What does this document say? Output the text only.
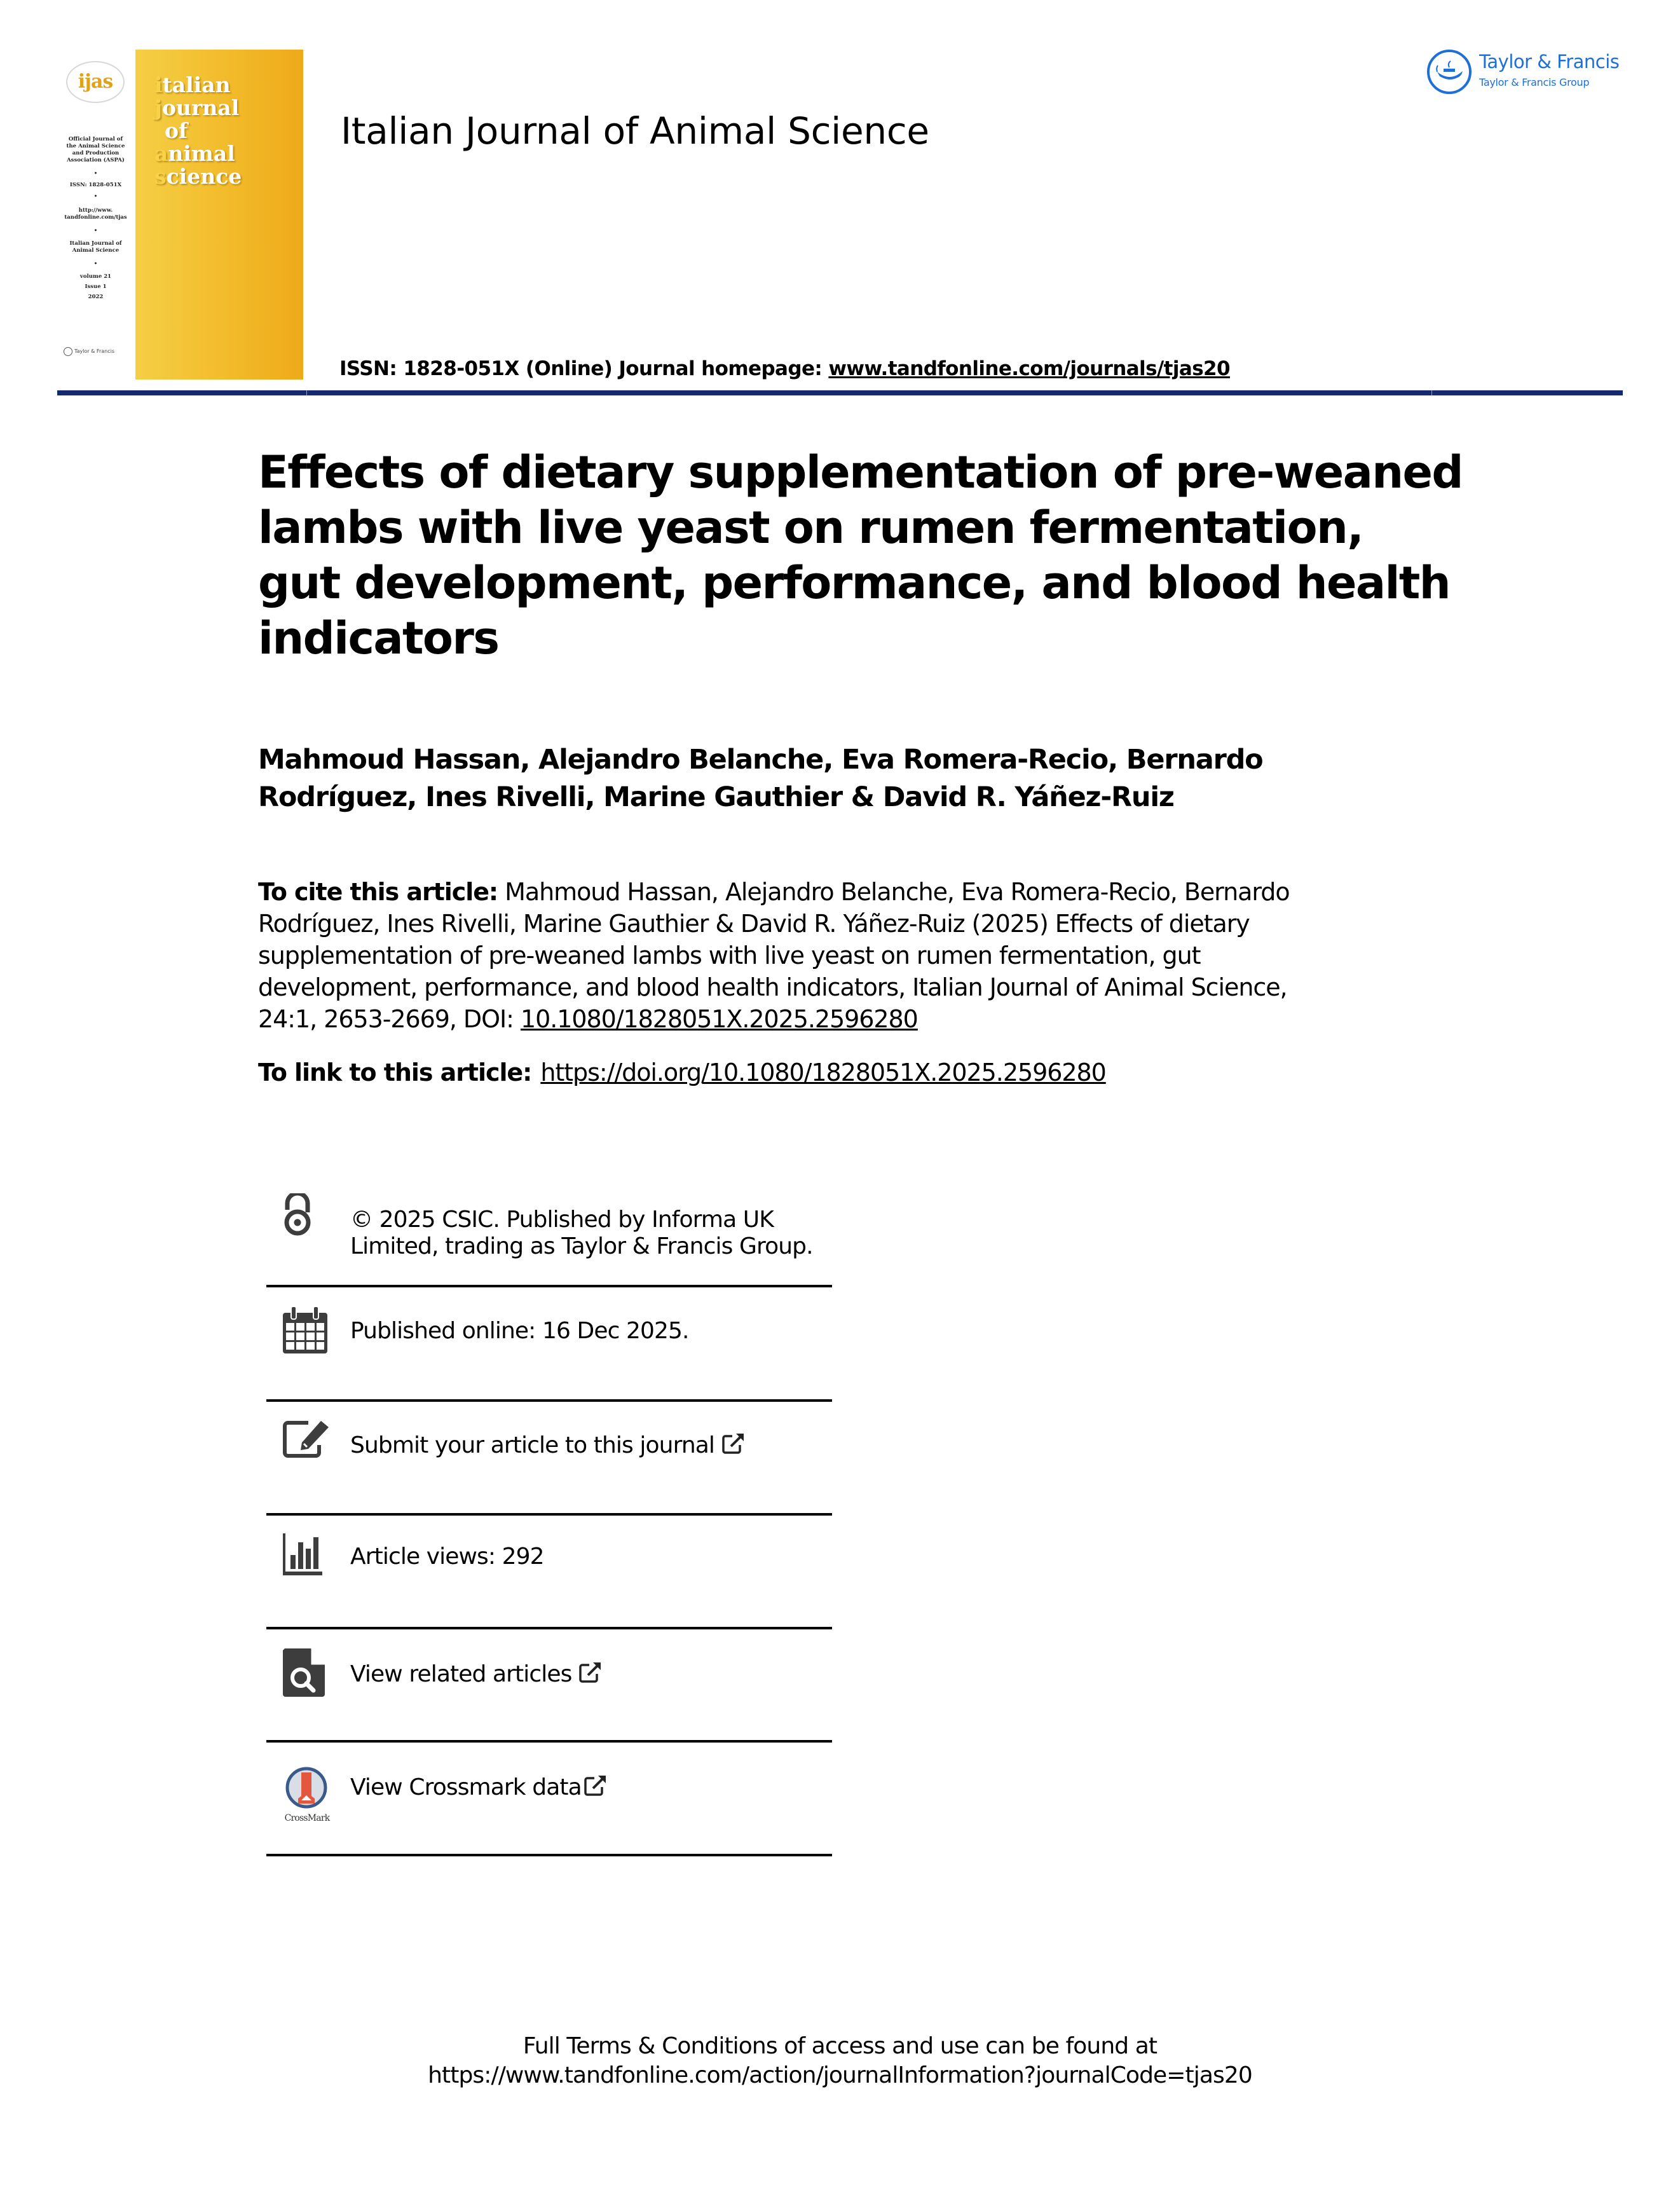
ijas
Official Journal of
the Animal Science
and Production
Association (ASPA)
•
ISSN: 1828-051X
•
http://www.
tandfonline.com/tjas
•
Italian Journal of
Animal Science
•
volume 21
Issue 1
2022
Taylor & Francis
italian
journal
of
animal
science
Italian Journal of Animal Science
ISSN: 1828-051X (Online) Journal homepage: www.tandfonline.com/journals/tjas20
Taylor & Francis
Taylor & Francis Group
Effects of dietary supplementation of pre-weaned
lambs with live yeast on rumen fermentation,
gut development, performance, and blood health
indicators
Mahmoud Hassan, Alejandro Belanche, Eva Romera-Recio, Bernardo
Rodríguez, Ines Rivelli, Marine Gauthier & David R. Yáñez-Ruiz
To cite this article: Mahmoud Hassan, Alejandro Belanche, Eva Romera-Recio, Bernardo
Rodríguez, Ines Rivelli, Marine Gauthier & David R. Yáñez-Ruiz (2025) Effects of dietary
supplementation of pre-weaned lambs with live yeast on rumen fermentation, gut
development, performance, and blood health indicators, Italian Journal of Animal Science,
24:1, 2653-2669, DOI: 10.1080/1828051X.2025.2596280
To link to this article: https://doi.org/10.1080/1828051X.2025.2596280
© 2025 CSIC. Published by Informa UK
Limited, trading as Taylor & Francis Group.
Published online: 16 Dec 2025.
Submit your article to this journal
Article views: 292
View related articles
CrossMark
View Crossmark data
Full Terms & Conditions of access and use can be found at
https://www.tandfonline.com/action/journalInformation?journalCode=tjas20
